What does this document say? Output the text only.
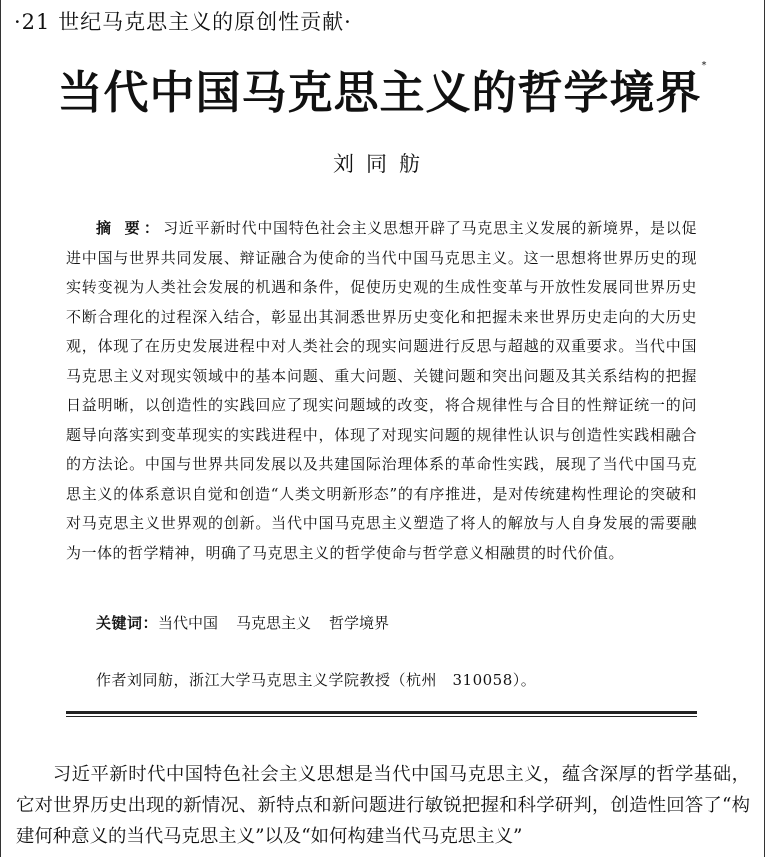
·21 世纪马克思主义的原创性贡献·
当代中国马克思主义的哲学境界*
刘同舫
摘 要：习近平新时代中国特色社会主义思想开辟了马克思主义发展的新境界，是以促进中国与世界共同发展、辩证融合为使命的当代中国马克思主义。这一思想将世界历史的现实转变视为人类社会发展的机遇和条件，促使历史观的生成性变革与开放性发展同世界历史不断合理化的过程深入结合，彰显出其洞悉世界历史变化和把握未来世界历史走向的大历史观，体现了在历史发展进程中对人类社会的现实问题进行反思与超越的双重要求。当代中国马克思主义对现实领域中的基本问题、重大问题、关键问题和突出问题及其关系结构的把握日益明晰，以创造性的实践回应了现实问题域的改变，将合规律性与合目的性辩证统一的问题导向落实到变革现实的实践进程中，体现了对现实问题的规律性认识与创造性实践相融合的方法论。中国与世界共同发展以及共建国际治理体系的革命性实践，展现了当代中国马克思主义的体系意识自觉和创造“人类文明新形态”的有序推进，是对传统建构性理论的突破和对马克思主义世界观的创新。当代中国马克思主义塑造了将人的解放与人自身发展的需要融为一体的哲学精神，明确了马克思主义的哲学使命与哲学意义相融贯的时代价值。
关键词：当代中国 马克思主义 哲学境界
作者刘同舫，浙江大学马克思主义学院教授（杭州　310058）。
习近平新时代中国特色社会主义思想是当代中国马克思主义，蕴含深厚的哲学基础，它对世界历史出现的新情况、新特点和新问题进行敏锐把握和科学研判，创造性回答了“构建何种意义的当代马克思主义”以及“如何构建当代马克思主义”
